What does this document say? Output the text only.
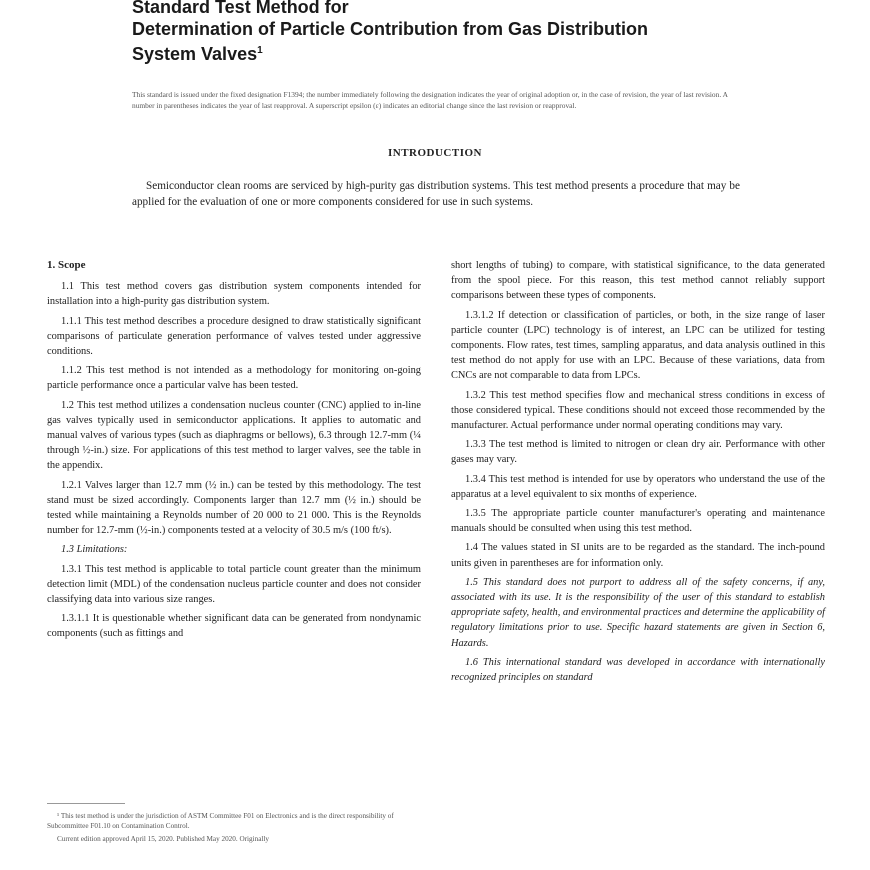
Standard Test Method for
Determination of Particle Contribution from Gas Distribution
System Valves$^1$
This standard is issued under the fixed designation F1394; the number immediately following the designation indicates the year of original adoption or, in the case of revision, the year of last revision. A number in parentheses indicates the year of last reapproval. A superscript epsilon (ε) indicates an editorial change since the last revision or reapproval.
INTRODUCTION
Semiconductor clean rooms are serviced by high-purity gas distribution systems. This test method presents a procedure that may be applied for the evaluation of one or more components considered for use in such systems.
1. Scope

1.1 This test method covers gas distribution system components intended for installation into a high-purity gas distribution system.

1.1.1 This test method describes a procedure designed to draw statistically significant comparisons of particulate generation performance of valves tested under aggressive conditions.

1.1.2 This test method is not intended as a methodology for monitoring on-going particle performance once a particular valve has been tested.

1.2 This test method utilizes a condensation nucleus counter (CNC) applied to in-line gas valves typically used in semiconductor applications. It applies to automatic and manual valves of various types (such as diaphragms or bellows), 6.3 through 12.7-mm (¼ through ½-in.) size. For applications of this test method to larger valves, see the table in the appendix.

1.2.1 Valves larger than 12.7 mm (½ in.) can be tested by this methodology. The test stand must be sized accordingly. Components larger than 12.7 mm (½ in.) should be tested while maintaining a Reynolds number of 20 000 to 21 000. This is the Reynolds number for 12.7-mm (½-in.) components tested at a velocity of 30.5 m/s (100 ft/s).

1.3 Limitations:

1.3.1 This test method is applicable to total particle count greater than the minimum detection limit (MDL) of the condensation nucleus particle counter and does not consider classifying data into various size ranges.

1.3.1.1 It is questionable whether significant data can be generated from nondynamic components (such as fittings and

¹ This test method is under the jurisdiction of ASTM Committee F01 on Electronics and is the direct responsibility of Subcommittee F01.10 on Contamination Control.

Current edition approved April 15, 2020. Published May 2020. Originally

short lengths of tubing) to compare, with statistical significance, to the data generated from the spool piece. For this reason, this test method cannot reliably support comparisons between these types of components.

1.3.1.2 If detection or classification of particles, or both, in the size range of laser particle counter (LPC) technology is of interest, an LPC can be utilized for testing components. Flow rates, test times, sampling apparatus, and data analysis outlined in this test method do not apply for use with an LPC. Because of these variations, data from CNCs are not comparable to data from LPCs.

1.3.2 This test method specifies flow and mechanical stress conditions in excess of those considered typical. These conditions should not exceed those recommended by the manufacturer. Actual performance under normal operating conditions may vary.

1.3.3 The test method is limited to nitrogen or clean dry air. Performance with other gases may vary.

1.3.4 This test method is intended for use by operators who understand the use of the apparatus at a level equivalent to six months of experience.

1.3.5 The appropriate particle counter manufacturer's operating and maintenance manuals should be consulted when using this test method.

1.4 The values stated in SI units are to be regarded as the standard. The inch-pound units given in parentheses are for information only.

1.5 This standard does not purport to address all of the safety concerns, if any, associated with its use. It is the responsibility of the user of this standard to establish appropriate safety, health, and environmental practices and determine the applicability of regulatory limitations prior to use. Specific hazard statements are given in Section 6, Hazards.

1.6 This international standard was developed in accordance with internationally recognized principles on standard
